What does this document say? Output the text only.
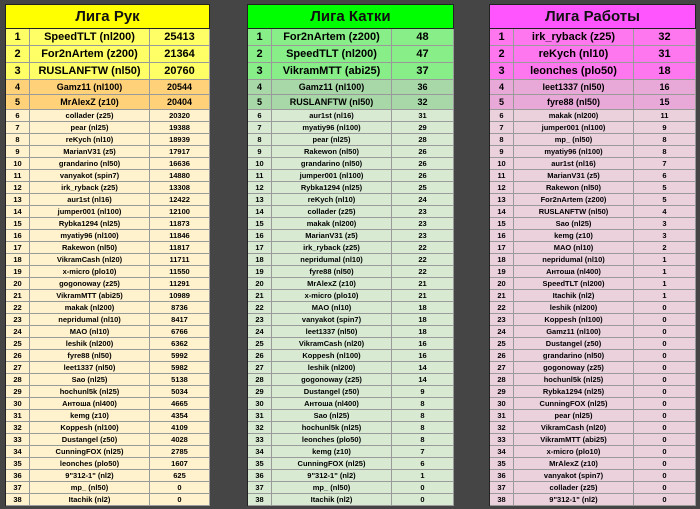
Лига Рук
1	SpeedTLT (nl200)	25413
2	For2nArtem (z200)	21364
3	RUSLANFTW (nl50)	20760
4	Gamz11 (nl100)	20544
5	MrAlexZ (z10)	20404
6	collader (z25)	20320
7	pear (nl25)	19388
8	reKych (nl10)	18939
9	MarianV31 (z5)	17917
10	grandarino (nl50)	16636
11	vanyakot (spin7)	14880
12	irk_ryback (z25)	13308
13	aur1st (nl16)	12422
14	jumper001 (nl100)	12100
15	Rybka1294 (nl25)	11873
16	myatiy96 (nl100)	11846
17	Rakewon (nl50)	11817
18	VikramCash (nl20)	11711
19	x-micro (plo10)	11550
20	gogonoway (z25)	11291
21	VikramMTT (abi25)	10989
22	makak (nl200)	8736
23	nepridumal (nl10)	8417
24	MAO (nl10)	6766
25	leshik (nl200)	6362
26	fyre88 (nl50)	5992
27	leet1337 (nl50)	5982
28	Sao (nl25)	5138
29	hochunl5k (nl25)	5034
30	Антоша (nl400)	4665
31	kemg (z10)	4354
32	Koppesh (nl100)	4109
33	Dustangel (z50)	4028
34	CunningFOX (nl25)	2785
35	leonches (plo50)	1607
36	9"312-1" (nl2)	625
37	mp_ (nl50)	0
38	Itachik (nl2)	0
Лига Катки
1	For2nArtem (z200)	48
2	SpeedTLT (nl200)	47
3	VikramMTT (abi25)	37
4	Gamz11 (nl100)	36
5	RUSLANFTW (nl50)	32
6	aur1st (nl16)	31
7	myatiy96 (nl100)	29
8	pear (nl25)	28
9	Rakewon (nl50)	26
10	grandarino (nl50)	26
11	jumper001 (nl100)	26
12	Rybka1294 (nl25)	25
13	reKych (nl10)	24
14	collader (z25)	23
15	makak (nl200)	23
16	MarianV31 (z5)	23
17	irk_ryback (z25)	22
18	nepridumal (nl10)	22
19	fyre88 (nl50)	22
20	MrAlexZ (z10)	21
21	x-micro (plo10)	21
22	MAO (nl10)	18
23	vanyakot (spin7)	18
24	leet1337 (nl50)	18
25	VikramCash (nl20)	16
26	Koppesh (nl100)	16
27	leshik (nl200)	14
28	gogonoway (z25)	14
29	Dustangel (z50)	9
30	Антоша (nl400)	8
31	Sao (nl25)	8
32	hochunl5k (nl25)	8
33	leonches (plo50)	8
34	kemg (z10)	7
35	CunningFOX (nl25)	6
36	9"312-1" (nl2)	1
37	mp_ (nl50)	0
38	Itachik (nl2)	0
Лига Работы
1	irk_ryback (z25)	32
2	reKych (nl10)	31
3	leonches (plo50)	18
4	leet1337 (nl50)	16
5	fyre88 (nl50)	15
6	makak (nl200)	11
7	jumper001 (nl100)	9
8	mp_ (nl50)	8
9	myatiy96 (nl100)	8
10	aur1st (nl16)	7
11	MarianV31 (z5)	6
12	Rakewon (nl50)	5
13	For2nArtem (z200)	5
14	RUSLANFTW (nl50)	4
15	Sao (nl25)	3
16	kemg (z10)	3
17	MAO (nl10)	2
18	nepridumal (nl10)	1
19	Антоша (nl400)	1
20	SpeedTLT (nl200)	1
21	Itachik (nl2)	1
22	leshik (nl200)	0
23	Koppesh (nl100)	0
24	Gamz11 (nl100)	0
25	Dustangel (z50)	0
26	grandarino (nl50)	0
27	gogonoway (z25)	0
28	hochunl5k (nl25)	0
29	Rybka1294 (nl25)	0
30	CunningFOX (nl25)	0
31	pear (nl25)	0
32	VikramCash (nl20)	0
33	VikramMTT (abi25)	0
34	x-micro (plo10)	0
35	MrAlexZ (z10)	0
36	vanyakot (spin7)	0
37	collader (z25)	0
38	9"312-1" (nl2)	0
